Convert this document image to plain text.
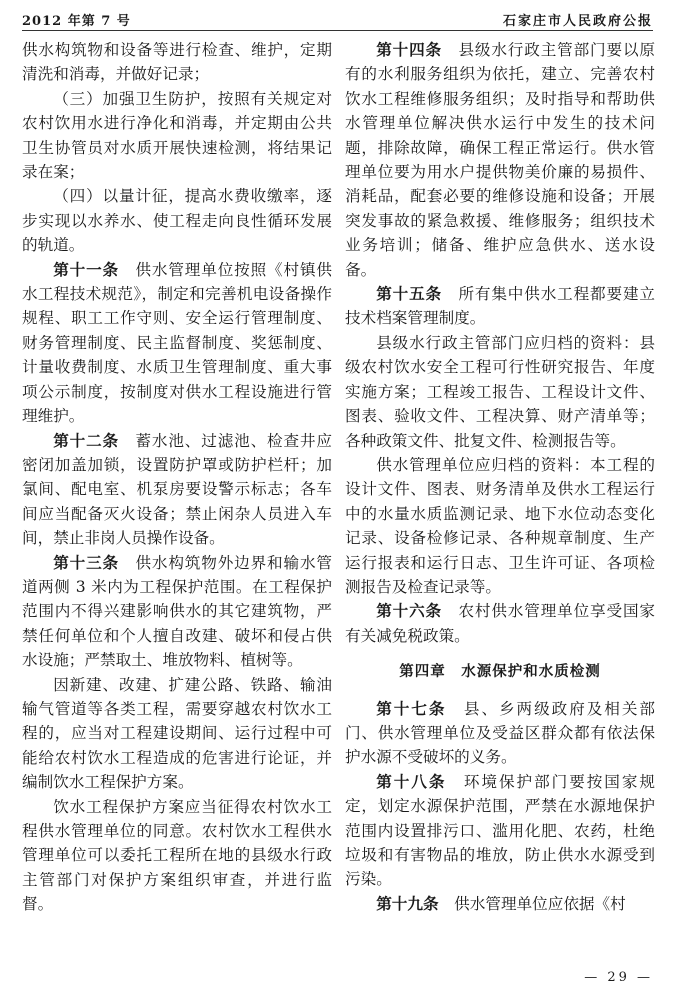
2012 年第 7 号	石家庄市人民政府公报

供水构筑物和设备等进行检查、维护，定期清洗和消毒，并做好记录；

（三）加强卫生防护，按照有关规定对农村饮用水进行净化和消毒，并定期由公共卫生协管员对水质开展快速检测，将结果记录在案；

（四）以量计征，提高水费收缴率，逐步实现以水养水、使工程走向良性循环发展的轨道。

第十一条　供水管理单位按照《村镇供水工程技术规范》，制定和完善机电设备操作规程、职工工作守则、安全运行管理制度、财务管理制度、民主监督制度、奖惩制度、计量收费制度、水质卫生管理制度、重大事项公示制度，按制度对供水工程设施进行管理维护。

第十二条　蓄水池、过滤池、检查井应密闭加盖加锁，设置防护罩或防护栏杆；加氯间、配电室、机泵房要设警示标志；各车间应当配备灭火设备；禁止闲杂人员进入车间，禁止非岗人员操作设备。

第十三条　供水构筑物外边界和输水管道两侧 3 米内为工程保护范围。在工程保护范围内不得兴建影响供水的其它建筑物，严禁任何单位和个人擅自改建、破坏和侵占供水设施；严禁取土、堆放物料、植树等。

因新建、改建、扩建公路、铁路、输油输气管道等各类工程，需要穿越农村饮水工程的，应当对工程建设期间、运行过程中可能给农村饮水工程造成的危害进行论证，并编制饮水工程保护方案。

饮水工程保护方案应当征得农村饮水工程供水管理单位的同意。农村饮水工程供水管理单位可以委托工程所在地的县级水行政主管部门对保护方案组织审查，并进行监督。

第十四条　县级水行政主管部门要以原有的水利服务组织为依托，建立、完善农村饮水工程维修服务组织；及时指导和帮助供水管理单位解决供水运行中发生的技术问题，排除故障，确保工程正常运行。供水管理单位要为用水户提供物美价廉的易损件、消耗品，配套必要的维修设施和设备；开展突发事故的紧急救援、维修服务；组织技术业务培训；储备、维护应急供水、送水设备。

第十五条　所有集中供水工程都要建立技术档案管理制度。

县级水行政主管部门应归档的资料：县级农村饮水安全工程可行性研究报告、年度实施方案；工程竣工报告、工程设计文件、图表、验收文件、工程决算、财产清单等；各种政策文件、批复文件、检测报告等。

供水管理单位应归档的资料：本工程的设计文件、图表、财务清单及供水工程运行中的水量水质监测记录、地下水位动态变化记录、设备检修记录、各种规章制度、生产运行报表和运行日志、卫生许可证、各项检测报告及检查记录等。

第十六条　农村供水管理单位享受国家有关减免税政策。

第四章　水源保护和水质检测

第十七条　县、乡两级政府及相关部门、供水管理单位及受益区群众都有依法保护水源不受破坏的义务。

第十八条　环境保护部门要按国家规定，划定水源保护范围，严禁在水源地保护范围内设置排污口、滥用化肥、农药，杜绝垃圾和有害物品的堆放，防止供水水源受到污染。

第十九条　供水管理单位应依据《村

— 29 —
